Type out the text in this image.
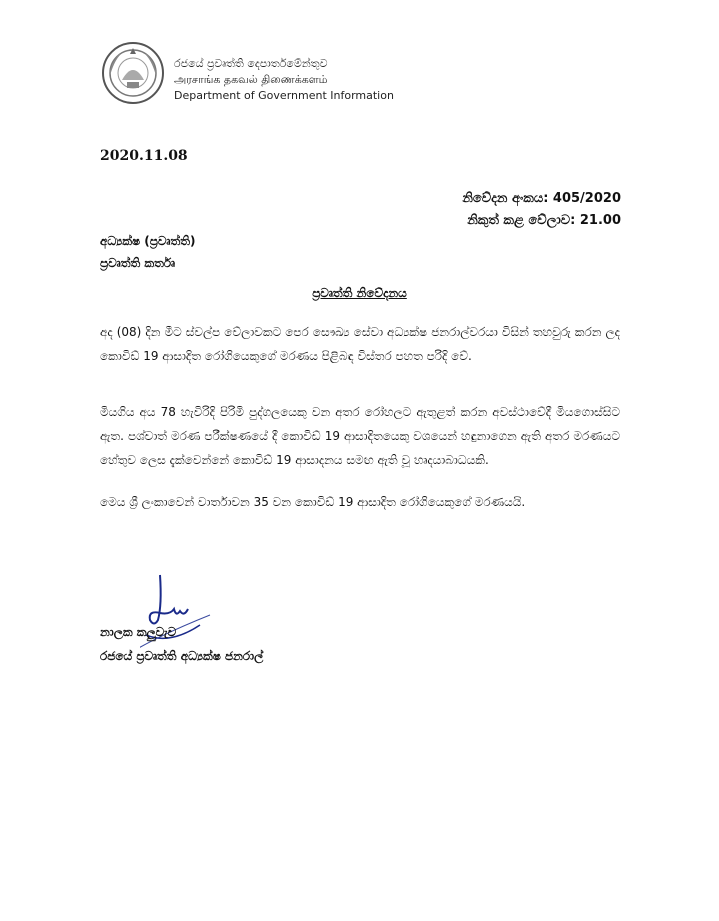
රජයේ ප්‍රවෘත්ති දෙපාර්තමේන්තුව
அரசாங்க தகவல் திணைக்களம்
Department of Government Information
2020.11.08
නිවේදන අංකය: 405/2020
නිකුත් කළ වේලාව: 21.00
අධ්‍යක්ෂ (ප්‍රවෘත්ති)
ප්‍රවෘත්ති කර්තෘ
ප්‍රවෘත්ති නිවේදනය
අද (08) දින මීට ස්වල්ප වේලාවකට පෙර සෞඛ්‍ය සේවා අධ්‍යක්ෂ ජනරාල්වරයා විසින් තහවුරු කරන ලද කොවිඩ් 19 ආසාදිත රෝගියෙකුගේ මරණය පිළිබඳ විස්තර පහත පරිදි වේ.
මියගිය අය 78 හැවිරිදි පිරිමි පුද්ගලයෙකු වන අතර රෝහලට ඇතුළත් කරන අවස්ථාවේදී මියගොස්සිට ඇත. පශ්චාත් මරණ පරීක්ෂණයේ දී කොවිඩ් 19 ආසාදිතයෙකු වශයෙන් හඳුනාගෙන ඇති අතර මරණයට හේතුව ලෙස දැක්වෙන්නේ කොවිඩ් 19 ආසාදනය සමඟ ඇති වූ හෘදයාබාධයකි.
මෙය ශ්‍රී ලංකාවෙන් වාර්තාවන 35 වන කොවිඩ් 19 ආසාදිත රෝගියෙකුගේ මරණයයි.
නාලක කලුවැව
රජයේ ප්‍රවෘත්ති අධ්‍යක්ෂ ජනරාල්
